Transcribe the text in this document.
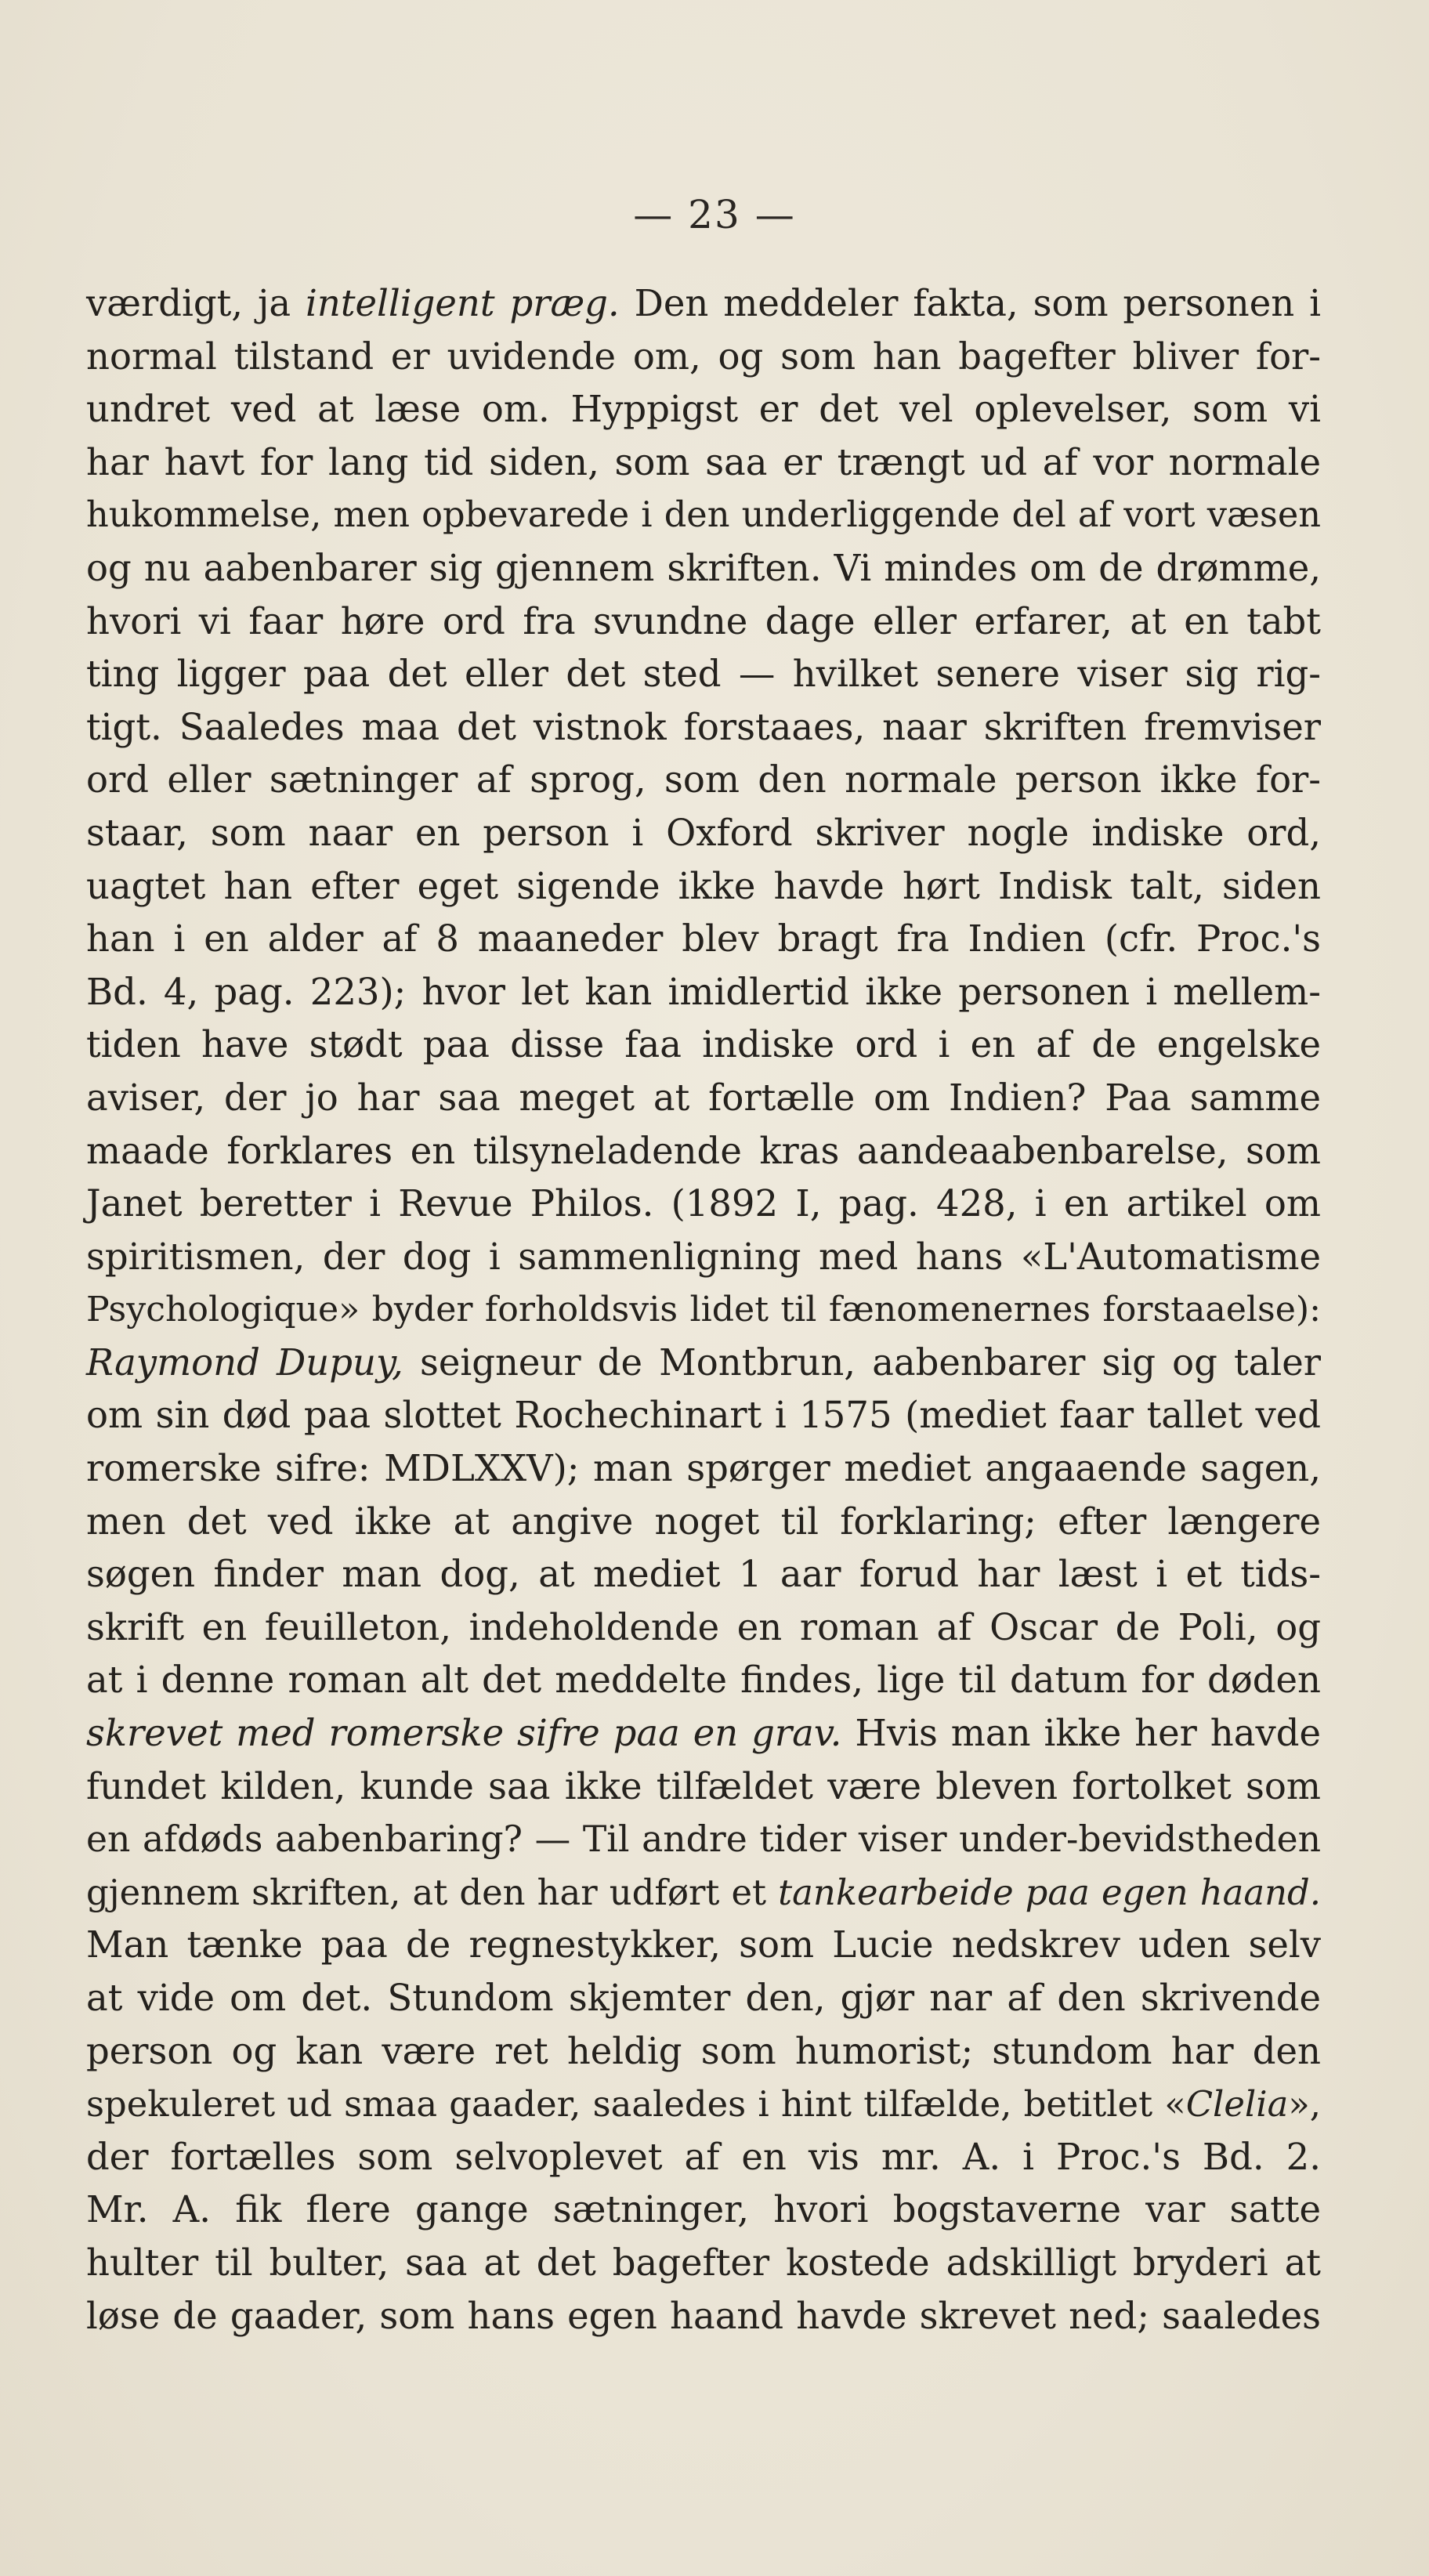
— 23 —
værdigt, ja intelligent præg. Den meddeler fakta, som personen i
normal tilstand er uvidende om, og som han bagefter bliver for-
undret ved at læse om. Hyppigst er det vel oplevelser, som vi
har havt for lang tid siden, som saa er trængt ud af vor normale
hukommelse, men opbevarede i den underliggende del af vort væsen
og nu aabenbarer sig gjennem skriften. Vi mindes om de drømme,
hvori vi faar høre ord fra svundne dage eller erfarer, at en tabt
ting ligger paa det eller det sted — hvilket senere viser sig rig-
tigt. Saaledes maa det vistnok forstaaes, naar skriften fremviser
ord eller sætninger af sprog, som den normale person ikke for-
staar, som naar en person i Oxford skriver nogle indiske ord,
uagtet han efter eget sigende ikke havde hørt Indisk talt, siden
han i en alder af 8 maaneder blev bragt fra Indien (cfr. Proc.'s
Bd. 4, pag. 223); hvor let kan imidlertid ikke personen i mellem-
tiden have stødt paa disse faa indiske ord i en af de engelske
aviser, der jo har saa meget at fortælle om Indien? Paa samme
maade forklares en tilsyneladende kras aandeaabenbarelse, som
Janet beretter i Revue Philos. (1892 I, pag. 428, i en artikel om
spiritismen, der dog i sammenligning med hans «L'Automatisme
Psychologique» byder forholdsvis lidet til fænomenernes forstaaelse):
Raymond Dupuy, seigneur de Montbrun, aabenbarer sig og taler
om sin død paa slottet Rochechinart i 1575 (mediet faar tallet ved
romerske sifre: MDLXXV); man spørger mediet angaaende sagen,
men det ved ikke at angive noget til forklaring; efter længere
søgen finder man dog, at mediet 1 aar forud har læst i et tids-
skrift en feuilleton, indeholdende en roman af Oscar de Poli, og
at i denne roman alt det meddelte findes, lige til datum for døden
skrevet med romerske sifre paa en grav. Hvis man ikke her havde
fundet kilden, kunde saa ikke tilfældet være bleven fortolket som
en afdøds aabenbaring? — Til andre tider viser under-bevidstheden
gjennem skriften, at den har udført et tankearbeide paa egen haand.
Man tænke paa de regnestykker, som Lucie nedskrev uden selv
at vide om det. Stundom skjemter den, gjør nar af den skrivende
person og kan være ret heldig som humorist; stundom har den
spekuleret ud smaa gaader, saaledes i hint tilfælde, betitlet «Clelia»,
der fortælles som selvoplevet af en vis mr. A. i Proc.'s Bd. 2.
Mr. A. fik flere gange sætninger, hvori bogstaverne var satte
hulter til bulter, saa at det bagefter kostede adskilligt bryderi at
løse de gaader, som hans egen haand havde skrevet ned; saaledes
